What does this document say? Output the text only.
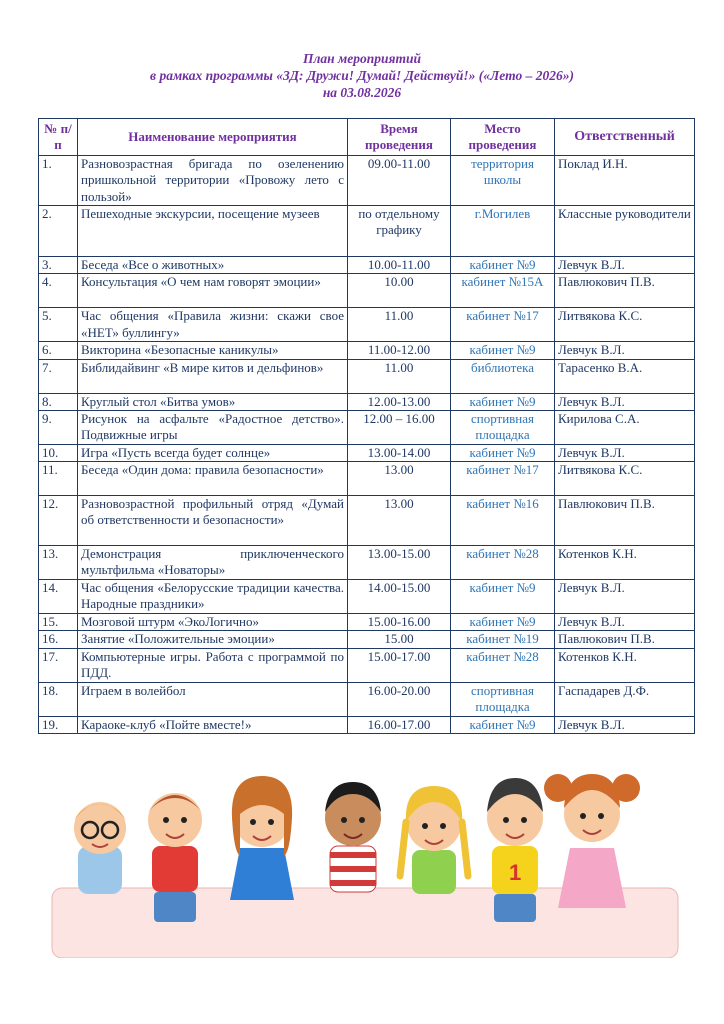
План мероприятий
в рамках программы «3Д: Дружи! Думай! Действуй!» («Лето – 2026»)
на 03.08.2026
№ п/п	Наименование мероприятия	Время проведения	Место проведения	Ответственный
1.	Разновозрастная бригада по озеленению пришкольной территории «Провожу лето с пользой»	09.00-11.00	территория школы	Поклад И.Н.
2.	Пешеходные экскурсии, посещение музеев	по отдельному графику	г.Могилев	Классные руководители
3.	Беседа «Все о животных»	10.00-11.00	кабинет №9	Левчук В.Л.
4.	Консультация «О чем нам говорят эмоции»	10.00	кабинет №15А	Павлюкович П.В.
5.	Час общения «Правила жизни: скажи свое «НЕТ» буллингу»	11.00	кабинет №17	Литвякова К.С.
6.	Викторина «Безопасные каникулы»	11.00-12.00	кабинет №9	Левчук В.Л.
7.	Библидайвинг «В мире китов и дельфинов»	11.00	библиотека	Тарасенко В.А.
8.	Круглый стол «Битва умов»	12.00-13.00	кабинет №9	Левчук В.Л.
9.	Рисунок на асфальте «Радостное детство». Подвижные игры	12.00 – 16.00	спортивная площадка	Кирилова С.А.
10.	Игра «Пусть всегда будет солнце»	13.00-14.00	кабинет №9	Левчук В.Л.
11.	Беседа «Один дома: правила безопасности»	13.00	кабинет №17	Литвякова К.С.
12.	Разновозрастной профильный отряд «Думай об ответственности и безопасности»	13.00	кабинет №16	Павлюкович П.В.
13.	Демонстрация приключенческого мультфильма «Новаторы»	13.00-15.00	кабинет №28	Котенков К.Н.
14.	Час общения «Белорусские традиции качества. Народные праздники»	14.00-15.00	кабинет №9	Левчук В.Л.
15.	Мозговой штурм «ЭкоЛогично»	15.00-16.00	кабинет №9	Левчук В.Л.
16.	Занятие «Положительные эмоции»	15.00	кабинет №19	Павлюкович П.В.
17.	Компьютерные игры. Работа с программой по ПДД.	15.00-17.00	кабинет №28	Котенков К.Н.
18.	Играем в волейбол	16.00-20.00	спортивная площадка	Гаспадарев Д.Ф.
19.	Караоке-клуб «Пойте вместе!»	16.00-17.00	кабинет №9	Левчук В.Л.
1
